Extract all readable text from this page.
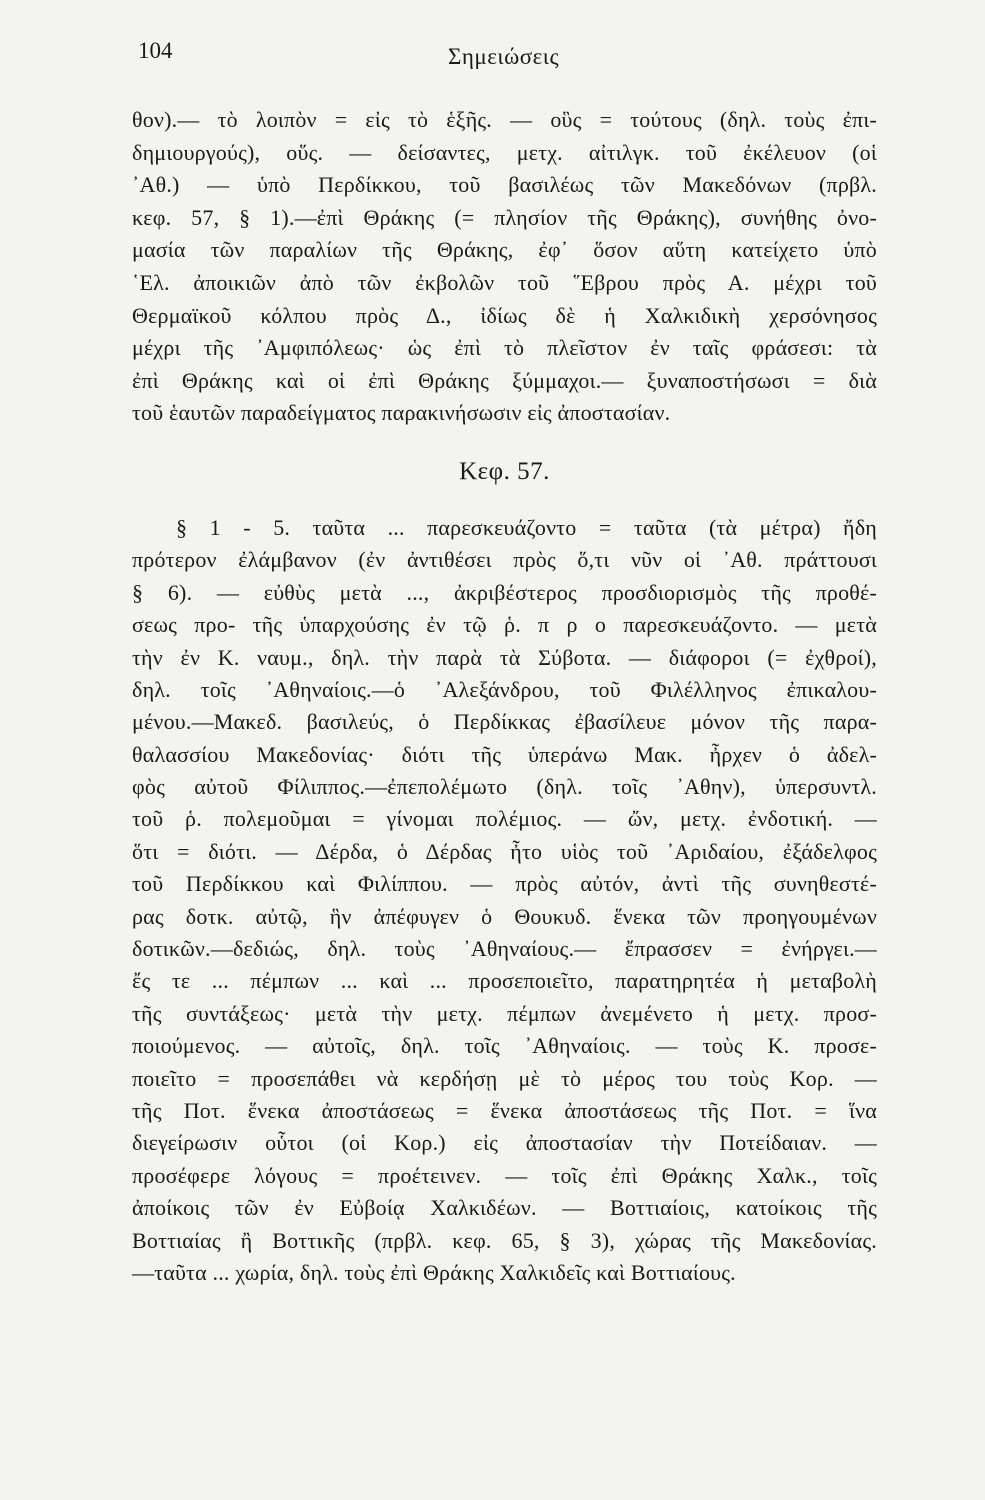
104	Σημειώσεις
θον).— τὸ λοιπὸν = εἰς τὸ ἑξῆς. — οὓς = τούτους (δηλ. τοὺς ἐπι-
δημιουργούς), οὕς. — δείσαντες, μετχ. αἰτιλγκ. τοῦ ἐκέλευον (οἱ
᾿Αθ.) — ὑπὸ Περδίκκου, τοῦ βασιλέως τῶν Μακεδόνων (πρβλ.
κεφ. 57, § 1).—ἐπὶ Θράκης (= πλησίον τῆς Θράκης), συνήθης ὀνο-
μασία τῶν παραλίων τῆς Θράκης, ἐφ᾿ ὅσον αὕτη κατείχετο ὑπὸ
῾Ελ. ἀποικιῶν ἀπὸ τῶν ἐκβολῶν τοῦ ῞Εβρου πρὸς Α. μέχρι τοῦ
Θερμαϊκοῦ κόλπου πρὸς Δ., ἰδίως δὲ ἡ Χαλκιδικὴ χερσόνησος
μέχρι τῆς ᾿Αμφιπόλεως· ὡς ἐπὶ τὸ πλεῖστον ἐν ταῖς φράσεσι: τὰ
ἐπὶ Θράκης καὶ οἱ ἐπὶ Θράκης ξύμμαχοι.— ξυναποστήσωσι = διὰ
τοῦ ἑαυτῶν παραδείγματος παρακινήσωσιν εἰς ἀποστασίαν.
Κεφ. 57.
§ 1 - 5. ταῦτα ... παρεσκευάζοντο = ταῦτα (τὰ μέτρα) ἤδη
πρότερον ἐλάμβανον (ἐν ἀντιθέσει πρὸς ὅ,τι νῦν οἱ ᾿Αθ. πράττουσι
§ 6). — εὐθὺς μετὰ ..., ἀκριβέστερος προσδιορισμὸς τῆς προθέ-
σεως προ- τῆς ὑπαρχούσης ἐν τῷ ῥ. π ρ ο παρεσκευάζοντο. — μετὰ
τὴν ἐν Κ. ναυμ., δηλ. τὴν παρὰ τὰ Σύβοτα. — διάφοροι (= ἐχθροί),
δηλ. τοῖς ᾿Αθηναίοις.—ὁ ᾿Αλεξάνδρου, τοῦ Φιλέλληνος ἐπικαλου-
μένου.—Μακεδ. βασιλεύς, ὁ Περδίκκας ἐβασίλευε μόνον τῆς παρα-
θαλασσίου Μακεδονίας· διότι τῆς ὑπεράνω Μακ. ἦρχεν ὁ ἀδελ-
φὸς αὐτοῦ Φίλιππος.—ἐπεπολέμωτο (δηλ. τοῖς ᾿Αθην), ὑπερσυντλ.
τοῦ ῥ. πολεμοῦμαι = γίνομαι πολέμιος. — ὤν, μετχ. ἐνδοτική. —
ὅτι = διότι. — Δέρδα, ὁ Δέρδας ἦτο υἱὸς τοῦ ᾿Αριδαίου, ἐξάδελφος
τοῦ Περδίκκου καὶ Φιλίππου. — πρὸς αὐτόν, ἀντὶ τῆς συνηθεστέ-
ρας δοτκ. αὐτῷ, ἣν ἀπέφυγεν ὁ Θουκυδ. ἕνεκα τῶν προηγουμένων
δοτικῶν.—δεδιώς, δηλ. τοὺς ᾿Αθηναίους.— ἔπρασσεν = ἐνήργει.—
ἔς τε ... πέμπων ... καὶ ... προσεποιεῖτο, παρατηρητέα ἡ μεταβολὴ
τῆς συντάξεως· μετὰ τὴν μετχ. πέμπων ἀνεμένετο ἡ μετχ. προσ-
ποιούμενος. — αὐτοῖς, δηλ. τοῖς ᾿Αθηναίοις. — τοὺς Κ. προσε-
ποιεῖτο = προσεπάθει νὰ κερδήσῃ μὲ τὸ μέρος του τοὺς Κορ. —
τῆς Ποτ. ἕνεκα ἀποστάσεως = ἕνεκα ἀποστάσεως τῆς Ποτ. = ἵνα
διεγείρωσιν οὗτοι (οἱ Κορ.) εἰς ἀποστασίαν τὴν Ποτείδαιαν. —
προσέφερε λόγους = προέτεινεν. — τοῖς ἐπὶ Θράκης Χαλκ., τοῖς
ἀποίκοις τῶν ἐν Εὐβοίᾳ Χαλκιδέων. — Βοττιαίοις, κατοίκοις τῆς
Βοττιαίας ἢ Βοττικῆς (πρβλ. κεφ. 65, § 3), χώρας τῆς Μακεδονίας.
—ταῦτα ... χωρία, δηλ. τοὺς ἐπὶ Θράκης Χαλκιδεῖς καὶ Βοττιαίους.
